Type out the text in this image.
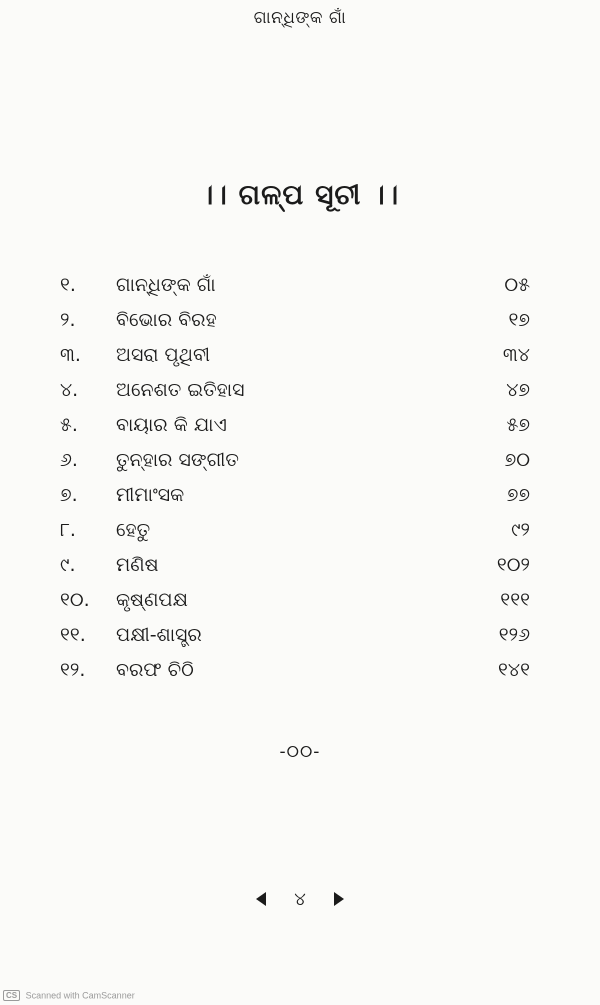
ଗାନ୍ଧିଙ୍କ ଗାଁ
।। ଗଳ୍ପ ସୂଚୀ ।।
୧. ଗାନ୍ଧିଙ୍କ ଗାଁ	୦୫
୨. ବିଭୋର ବିରହ	୧୭
୩. ଅସରା ପୃଥିବୀ	୩୪
୪. ଅନେଶତ ଇତିହାସ	୪୭
୫. ବାୟାର କି ଯାଏ	୫୭
୬. ତୁନ୍ହାର ସଙ୍ଗୀତ	୭୦
୭. ମୀମାଂସକ	୭୭
୮. ହେତୁ	୯୨
୯. ମଣିଷ	୧୦୨
୧୦. କୃଷ୍ଣପକ୍ଷ	୧୧୧
୧୧. ପକ୍ଷୀ-ଶାସ୍ତ୍ର	୧୨୬
୧୨. ବରଫ ଚିଠି	୧୪୧
-୦୦-
୪
CS Scanned with CamScanner
